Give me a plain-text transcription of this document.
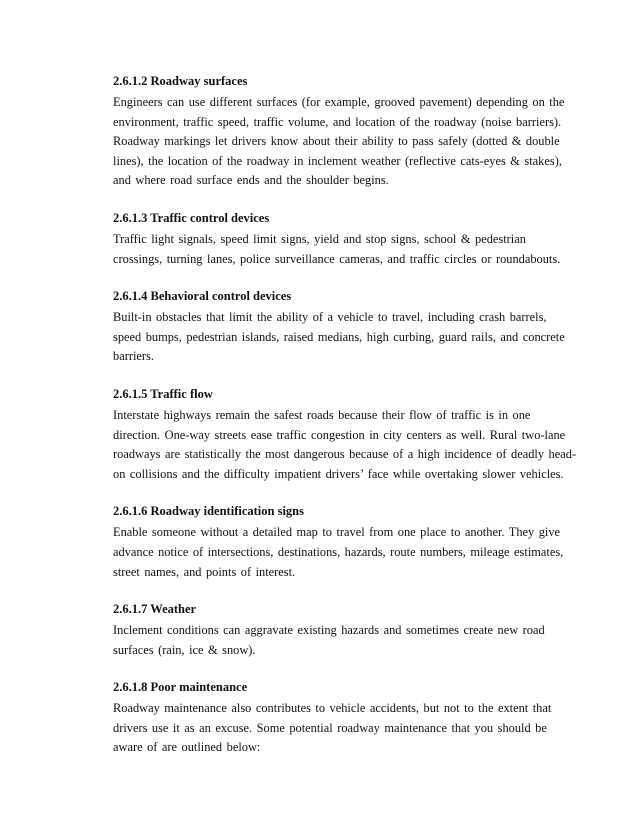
2.6.1.2 Roadway surfaces
Engineers can use different surfaces (for example, grooved pavement) depending on the
environment, traffic speed, traffic volume, and location of the roadway (noise barriers).
Roadway markings let drivers know about their ability to pass safely (dotted & double
lines), the location of the roadway in inclement weather (reflective cats-eyes & stakes),
and where road surface ends and the shoulder begins.
2.6.1.3 Traffic control devices
Traffic light signals, speed limit signs, yield and stop signs, school & pedestrian
crossings, turning lanes, police surveillance cameras, and traffic circles or roundabouts.
2.6.1.4 Behavioral control devices
Built-in obstacles that limit the ability of a vehicle to travel, including crash barrels,
speed bumps, pedestrian islands, raised medians, high curbing, guard rails, and concrete
barriers.
2.6.1.5 Traffic flow
Interstate highways remain the safest roads because their flow of traffic is in one
direction. One-way streets ease traffic congestion in city centers as well. Rural two-lane
roadways are statistically the most dangerous because of a high incidence of deadly head-
on collisions and the difficulty impatient drivers’ face while overtaking slower vehicles.
2.6.1.6 Roadway identification signs
Enable someone without a detailed map to travel from one place to another. They give
advance notice of intersections, destinations, hazards, route numbers, mileage estimates,
street names, and points of interest.
2.6.1.7 Weather
Inclement conditions can aggravate existing hazards and sometimes create new road
surfaces (rain, ice & snow).
2.6.1.8 Poor maintenance
Roadway maintenance also contributes to vehicle accidents, but not to the extent that
drivers use it as an excuse. Some potential roadway maintenance that you should be
aware of are outlined below:
